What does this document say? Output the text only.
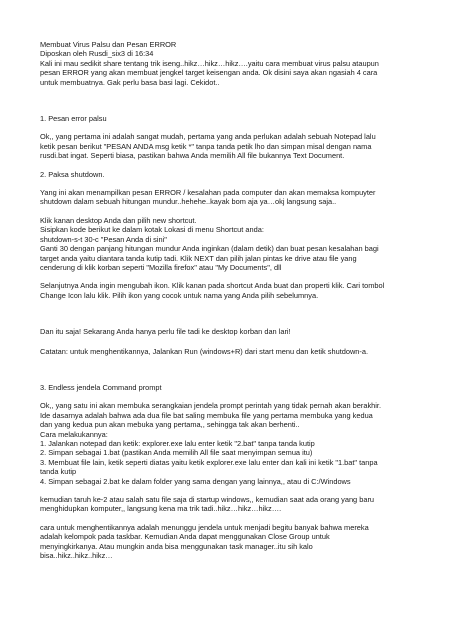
Membuat Virus Palsu dan Pesan ERROR

Diposkan oleh Rusdi_six3 di 16:34

Kali ini mau sedikit share tentang trik iseng..hikz…hikz…hikz….yaitu cara membuat virus palsu ataupun

pesan ERROR yang akan membuat jengkel target keisengan anda. Ok disini saya akan ngasiah 4 cara

untuk membuatnya. Gak perlu basa basi lagi. Cekidot..

1. Pesan error palsu

Ok,, yang pertama ini adalah sangat mudah, pertama yang anda perlukan adalah sebuah Notepad lalu

ketik pesan berikut "PESAN ANDA msg ketik *" tanpa tanda petik lho dan simpan misal dengan nama

rusdi.bat ingat. Seperti biasa, pastikan bahwa Anda memilih All file bukannya Text Document.

2. Paksa shutdown.

Yang ini akan menampilkan pesan ERROR / kesalahan pada computer dan akan memaksa kompuyter

shutdown dalam sebuah hitungan mundur..hehehe..kayak bom aja ya…okj langsung saja..

Klik kanan desktop Anda dan pilih new shortcut.

Sisipkan kode berikut ke dalam kotak Lokasi di menu Shortcut anda:

shutdown-s-t 30-c "Pesan Anda di sini"

Ganti 30 dengan panjang hitungan mundur Anda inginkan (dalam detik) dan buat pesan kesalahan bagi

target anda yaitu diantara tanda kutip tadi. Klik NEXT dan pilih jalan pintas ke drive atau file yang

cenderung di klik korban seperti "Mozilla firefox" atau "My Documents", dll

Selanjutnya Anda ingin mengubah ikon. Klik kanan pada shortcut Anda buat dan properti klik. Cari tombol

Change Icon lalu klik. Pilih ikon yang cocok untuk nama yang Anda pilih sebelumnya.

Dan itu saja! Sekarang Anda hanya perlu file tadi ke desktop korban dan lari!

Catatan: untuk menghentikannya, Jalankan Run (windows+R) dari start menu dan ketik shutdown-a.

3. Endless jendela Command prompt

Ok,, yang satu ini akan membuka serangkaian jendela prompt perintah yang tidak pernah akan berakhir.

Ide dasarnya adalah bahwa ada dua file bat saling membuka file yang pertama membuka yang kedua

dan yang kedua pun akan mebuka yang pertama,, sehingga tak akan berhenti..

Cara melakukannya:

1. Jalankan notepad dan ketik: explorer.exe lalu enter ketik "2.bat" tanpa tanda kutip

2. Simpan sebagai 1.bat (pastikan Anda memilih All file saat menyimpan semua itu)

3. Membuat file lain, ketik seperti diatas yaitu ketik explorer.exe lalu enter dan kali ini ketik "1.bat" tanpa

tanda kutip

4. Simpan sebagai 2.bat ke dalam folder yang sama dengan yang lainnya,, atau di C:/Windows

kemudian taruh ke-2 atau salah satu file saja di startup windows,, kemudian saat ada orang yang baru

menghidupkan komputer,, langsung kena ma trik tadi..hikz…hikz…hikz….

cara untuk menghentikannya adalah menunggu jendela untuk menjadi begitu banyak bahwa mereka

adalah kelompok pada taskbar. Kemudian Anda dapat menggunakan Close Group untuk

menyingkirkanya. Atau mungkin anda bisa menggunakan task manager..itu sih kalo

bisa..hikz..hikz..hikz…
